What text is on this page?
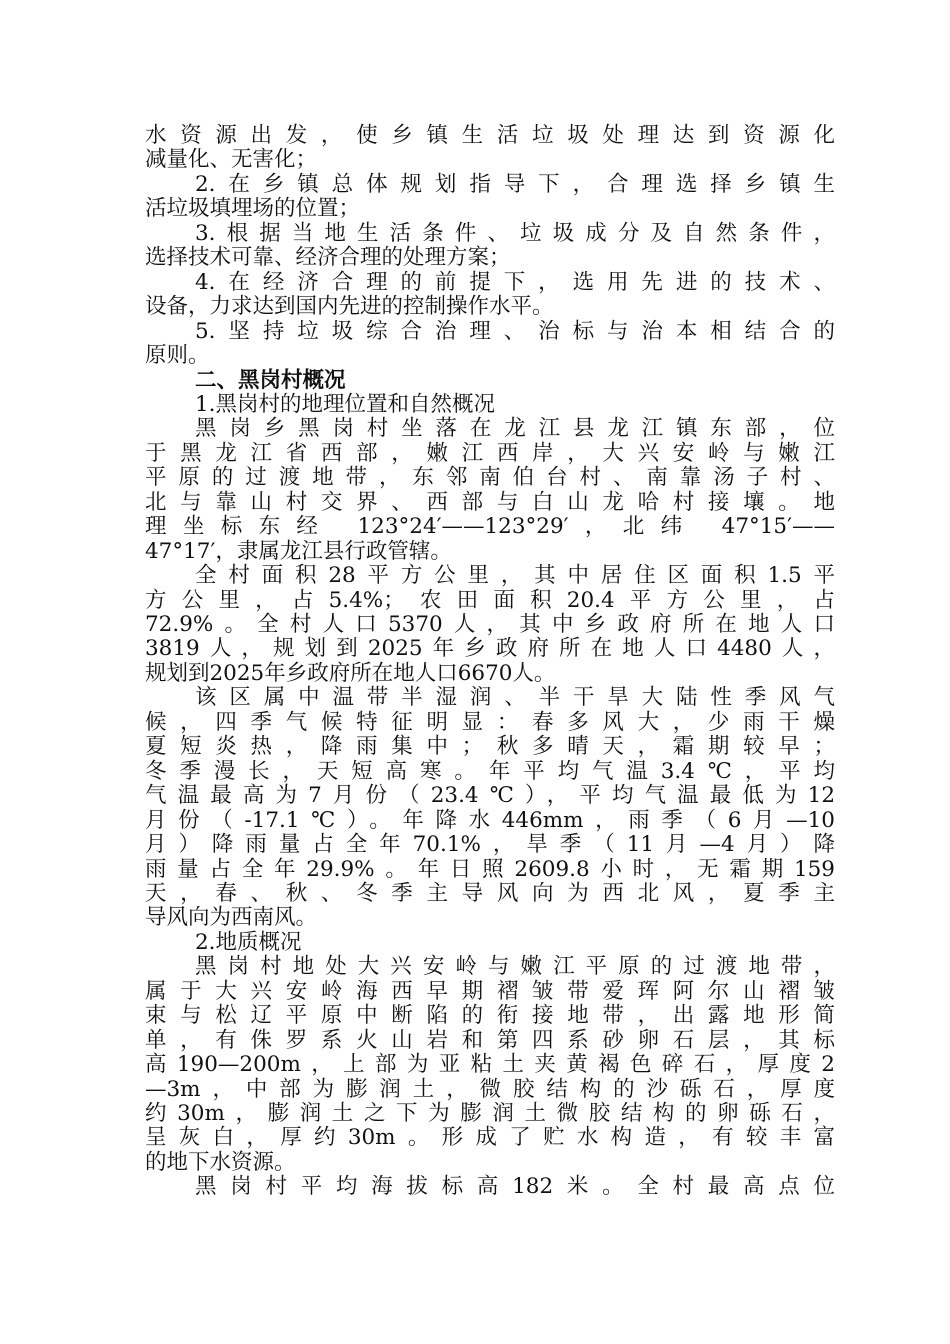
水资源出发，使乡镇生活垃圾处理达到资源化
减量化、无害化；
2.在乡镇总体规划指导下，合理选择乡镇生
活垃圾填埋场的位置；
3.根据当地生活条件、垃圾成分及自然条件，
选择技术可靠、经济合理的处理方案；
4.在经济合理的前提下，选用先进的技术、
设备，力求达到国内先进的控制操作水平。
5.坚持垃圾综合治理、治标与治本相结合的
原则。
二、黑岗村概况
1.黑岗村的地理位置和自然概况
黑岗乡黑岗村坐落在龙江县龙江镇东部，位
于黑龙江省西部，嫩江西岸，大兴安岭与嫩江
平原的过渡地带，东邻南伯台村、南靠汤子村、
北与靠山村交界、西部与白山龙哈村接壤。地
理坐标东经 123°24′——123°29′，北纬 47°15′——
47°17′，隶属龙江县行政管辖。
全村面积28平方公里，其中居住区面积1.5平
方公里，占5.4%；农田面积20.4平方公里，占
72.9%。全村人口5370人，其中乡政府所在地人口
3819人，规划到2025年乡政府所在地人口4480人，
规划到2025年乡政府所在地人口6670人。
该区属中温带半湿润、半干旱大陆性季风气
候，四季气候特征明显：春多风大，少雨干燥
夏短炎热，降雨集中；秋多晴天，霜期较早；
冬季漫长，天短高寒。年平均气温3.4℃，平均
气温最高为7月份（23.4℃），平均气温最低为12
月份（-17.1℃）。年降水446mm，雨季（6月—10
月）降雨量占全年70.1%，旱季（11月—4月）降
雨量占全年29.9%。年日照2609.8小时，无霜期159
天，春、秋、冬季主导风向为西北风，夏季主
导风向为西南风。
2.地质概况
黑岗村地处大兴安岭与嫩江平原的过渡地带，
属于大兴安岭海西早期褶皱带爱珲阿尔山褶皱
束与松辽平原中断陷的衔接地带，出露地形简
单，有侏罗系火山岩和第四系砂卵石层，其标
高190—200m，上部为亚粘土夹黄褐色碎石，厚度2
—3m，中部为膨润土，微胶结构的沙砾石，厚度
约30m，膨润土之下为膨润土微胶结构的卵砾石，
呈灰白，厚约30m。形成了贮水构造，有较丰富
的地下水资源。
黑岗村平均海拔标高182米。全村最高点位
